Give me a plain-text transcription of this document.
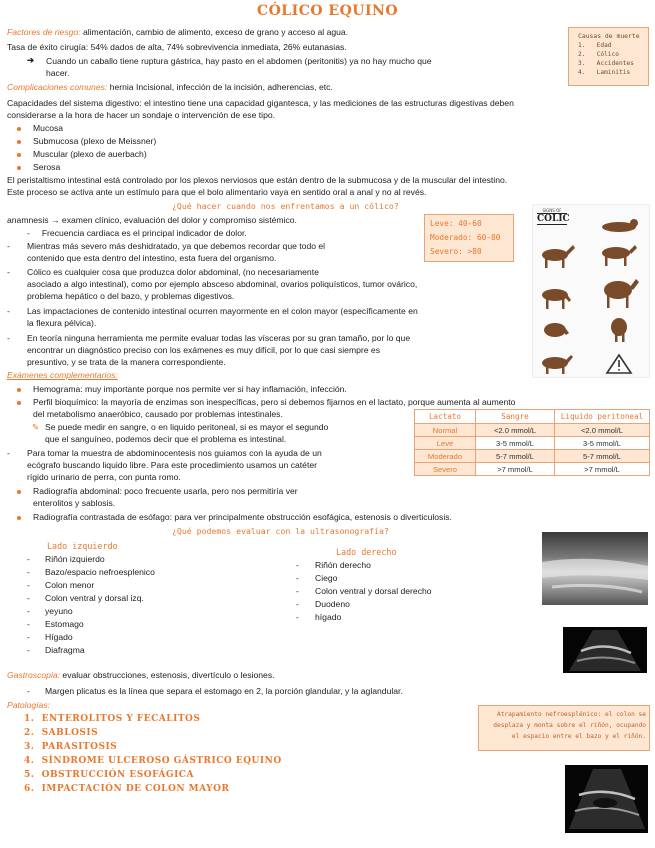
CÓLICO EQUINO
Factores de riesgo: alimentación, cambio de alimento, exceso de grano y acceso al agua.
Tasa de éxito cirugía: 54% dados de alta, 74% sobrevivencia inmediata, 26% eutanasias.
➔ Cuando un caballo tiene ruptura gástrica, hay pasto en el abdomen (peritonitis) ya no hay mucho que
hacer.
Causas de muerte
1.   Edad
2.   Cólico
3.   Accidentes
4.   Laminitis
Complicaciones comunes: hernia Incisional, infección de la incisión, adherencias, etc.
Capacidades del sistema digestivo: el intestino tiene una capacidad gigantesca, y las mediciones de las estructuras digestivas deben
considerarse a la hora de hacer un sondaje o intervención de ese tipo.
Mucosa
Submucosa (plexo de Meissner)
Muscular (plexo de auerbach)
Serosa
El peristaltismo intestinal está controlado por los plexos nerviosos que están dentro de la submucosa y de la muscular del intestino.
Este proceso se activa ante un estímulo para que el bolo alimentario vaya en sentido oral a anal y no al revés.
¿Qué hacer cuando nos enfrentamos a un cólico?
anamnesis → examen clínico, evaluación del dolor y compromiso sistémico.
-     Frecuencia cardiaca es el principal indicador de dolor.
Leve: 40-60
Moderado: 60-80
Severo: >80
- Mientras más severo más deshidratado, ya que debemos recordar que todo el
contenido que esta dentro del intestino, esta fuera del organismo.
- Cólico es cualquier cosa que produzca dolor abdominal, (no necesariamente
asociado a algo intestinal), como por ejemplo absceso abdominal, ovarios poliquísticos, tumor ovárico,
problema hepático o del bazo, y problemas digestivos.
- Las impactaciones de contenido intestinal ocurren mayormente en el colon mayor (específicamente en
la flexura pélvica).
- En teoría ninguna herramienta me permite evaluar todas las vísceras por su gran tamaño, por lo que
encontrar un diagnóstico preciso con los exámenes es muy difícil, por lo que casi siempre es
presuntivo, y se trata de la manera correspondiente.
SIGNS OF
COLIC
Exámenes complementarios:
Hemograma: muy importante porque nos permite ver si hay inflamación, infección.
Perfil bioquímico: la mayoría de enzimas son inespecíficas, pero si debemos fijarnos en el lactato, porque aumenta al aumento
del metabolismo anaeróbico, causado por problemas intestinales.
✎ Se puede medir en sangre, o en liquido peritoneal, si es mayor el segundo
que el sanguíneo, podemos decir que el problema es intestinal.
- Para tomar la muestra de abdominocentesis nos guiamos con la ayuda de un
ecógrafo buscando liquido libre. Para este procedimiento usamos un catéter
rígido urinario de perra, con punta romo.
Radiografía abdominal: poco frecuente usarla, pero nos permitiría ver
enterolitos y sablosis.
Radiografía contrastada de esófago: para ver principalmente obstrucción esofágica, estenosis o diverticulosis.
Lactato	Sangre	Liquido peritoneal
Normal	<2.0 mmol/L	<2.0 mmol/L
Leve	3-5 mmol/L	3-5 mmol/L
Moderado	5-7 mmol/L	5-7 mmol/L
Severo	>7 mmol/L	>7 mmol/L
¿Qué podemos evaluar con la ultrasonografía?
Lado izquierdo
Lado derecho
- Riñón izquierdo
- Bazo/espacio nefroesplenico
- Colon menor
- Colon ventral y dorsal izq.
- yeyuno
- Estomago
- Hígado
- Diafragma
- Riñón derecho
- Ciego
- Colon ventral y dorsal derecho
- Duodeno
- hígado
Gastroscopia: evaluar obstrucciones, estenosis, divertículo o lesiones.
- Margen plicatus es la línea que separa el estomago en 2, la porción glandular, y la aglandular.
Patologías:
1.  ENTEROLITOS Y FECALITOS
2.  SABLOSIS
3.  PARASITOSIS
4.  SÍNDROME ULCEROSO GÁSTRICO EQUINO
5.  OBSTRUCCIÓN ESOFÁGICA
6.  IMPACTACIÓN DE COLON MAYOR
Atrapamiento nefroesplénico: el colon se
desplaza y monta sobre el riñón, ocupando
el espacio entre el bazo y el riñón.
